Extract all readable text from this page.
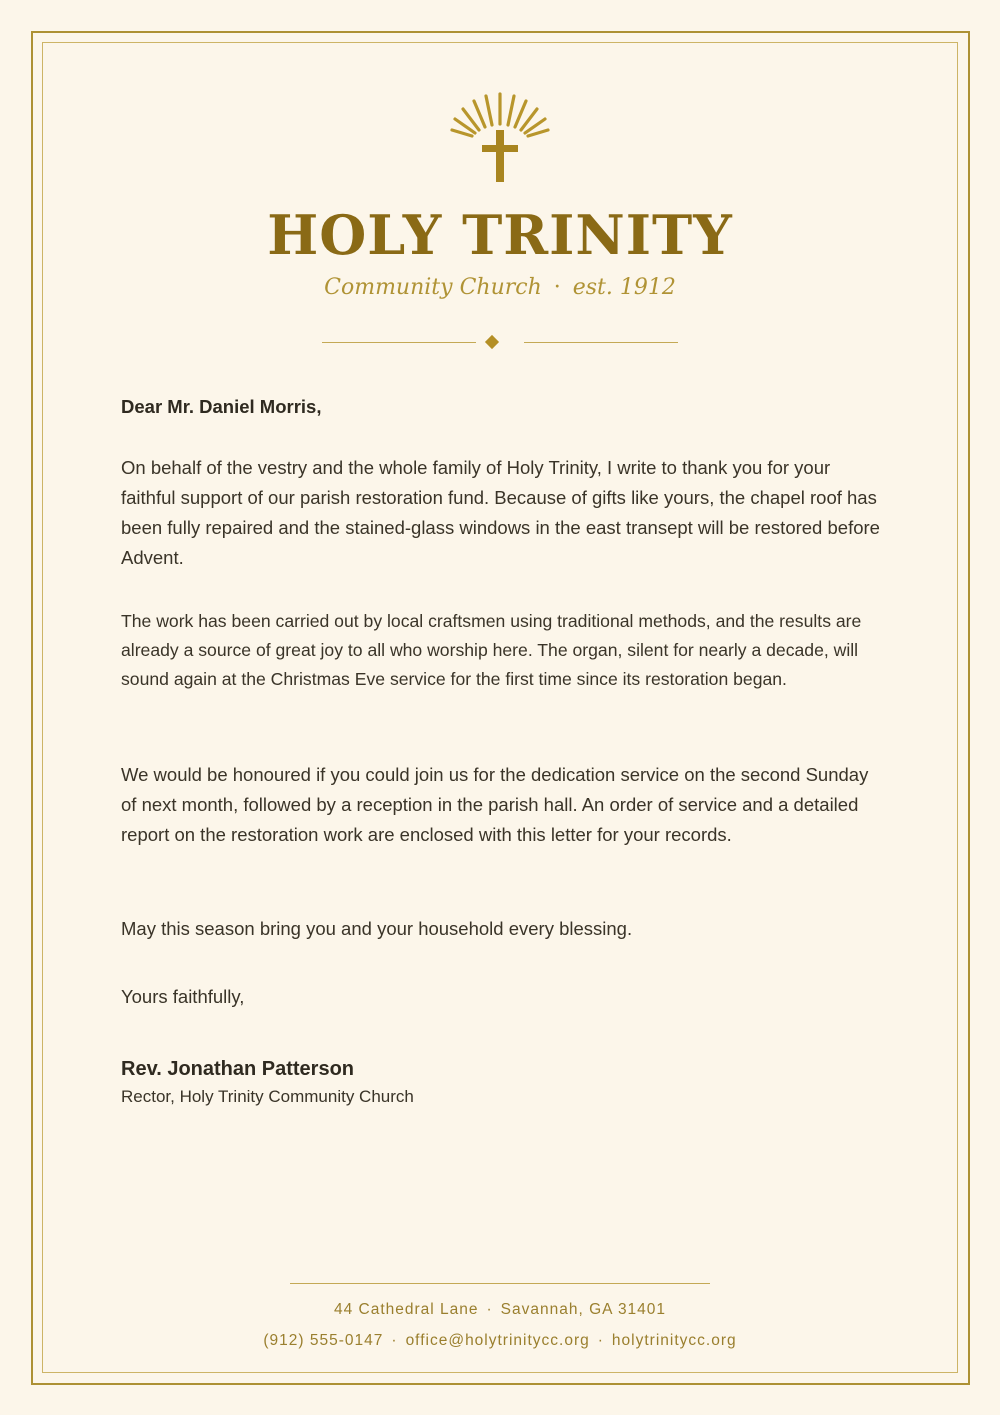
HOLY TRINITY
Community Church · est. 1912

Dear Mr. Daniel Morris,

On behalf of the vestry and the whole family of Holy Trinity, I write to thank you for your faithful support of our parish restoration fund. Because of gifts like yours, the chapel roof has been fully repaired and the stained-glass windows in the east transept will be restored before Advent.

The work has been carried out by local craftsmen using traditional methods, and the results are already a source of great joy to all who worship here. The organ, silent for nearly a decade, will sound again at the Christmas Eve service for the first time since its restoration began.

We would be honoured if you could join us for the dedication service on the second Sunday of next month, followed by a reception in the parish hall. An order of service and a detailed report on the restoration work are enclosed with this letter for your records.

May this season bring you and your household every blessing.

Yours faithfully,

Rev. Jonathan Patterson

Rector, Holy Trinity Community Church

44 Cathedral Lane · Savannah, GA 31401
(912) 555-0147 · office@holytrinitycc.org · holytrinitycc.org
